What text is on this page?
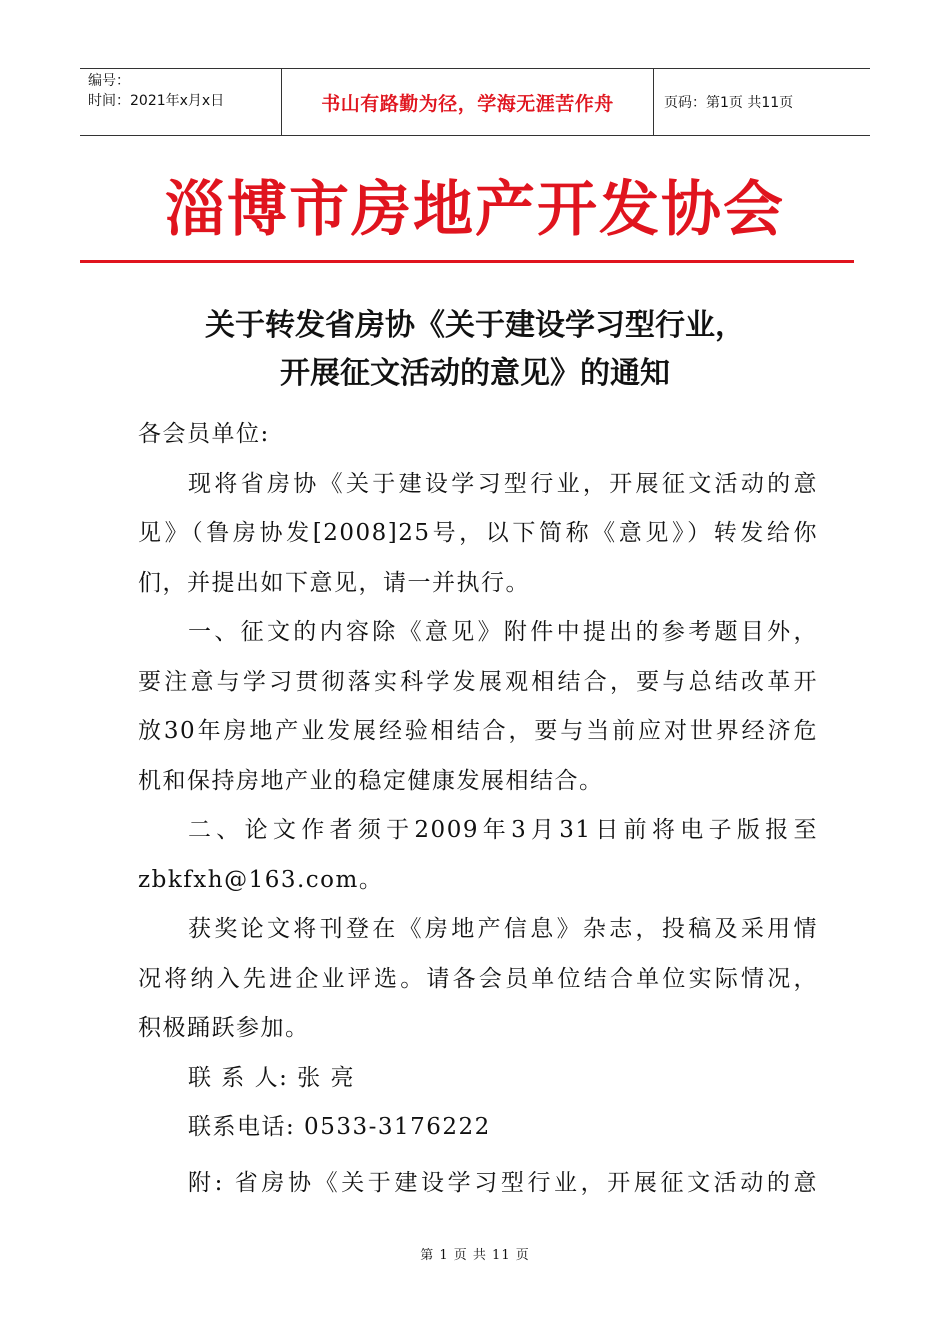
编号：
时间：2021年x月x日	书山有路勤为径，学海无涯苦作舟	页码：第1页 共11页
淄博市房地产开发协会
关于转发省房协《关于建设学习型行业，
开展征文活动的意见》的通知

各会员单位:

现将省房协《关于建设学习型行业，开展征文活动的意

见》（鲁房协发[2008]25号，以下简称《意见》）转发给你

们，并提出如下意见，请一并执行。

一、征文的内容除《意见》附件中提出的参考题目外，

要注意与学习贯彻落实科学发展观相结合，要与总结改革开

放30年房地产业发展经验相结合，要与当前应对世界经济危

机和保持房地产业的稳定健康发展相结合。

二、论文作者须于2009年3月31日前将电子版报至

zbkfxh@163.com。

获奖论文将刊登在《房地产信息》杂志，投稿及采用情

况将纳入先进企业评选。请各会员单位结合单位实际情况，

积极踊跃参加。

联 系 人: 张 亮

联系电话: 0533-3176222

附: 省房协《关于建设学习型行业，开展征文活动的意

第 1 页 共 11 页
